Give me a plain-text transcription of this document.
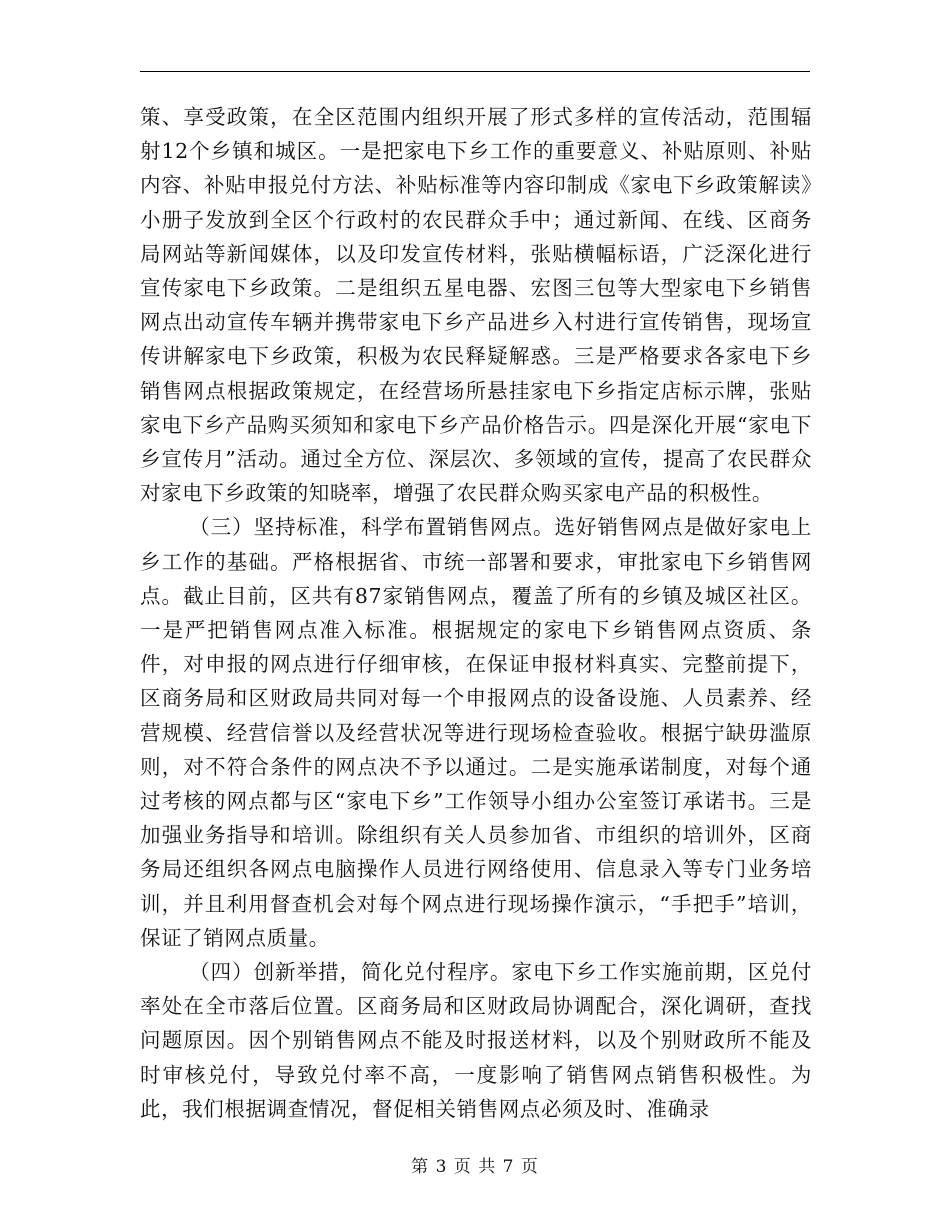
策、享受政策，在全区范围内组织开展了形式多样的宣传活动，范围辐射12个乡镇和城区。一是把家电下乡工作的重要意义、补贴原则、补贴内容、补贴申报兑付方法、补贴标准等内容印制成《家电下乡政策解读》小册子发放到全区个行政村的农民群众手中；通过新闻、在线、区商务局网站等新闻媒体，以及印发宣传材料，张贴横幅标语，广泛深化进行宣传家电下乡政策。二是组织五星电器、宏图三包等大型家电下乡销售网点出动宣传车辆并携带家电下乡产品进乡入村进行宣传销售，现场宣传讲解家电下乡政策，积极为农民释疑解惑。三是严格要求各家电下乡销售网点根据政策规定，在经营场所悬挂家电下乡指定店标示牌，张贴家电下乡产品购买须知和家电下乡产品价格告示。四是深化开展“家电下乡宣传月”活动。通过全方位、深层次、多领域的宣传，提高了农民群众对家电下乡政策的知晓率，增强了农民群众购买家电产品的积极性。

（三）坚持标准，科学布置销售网点。选好销售网点是做好家电上乡工作的基础。严格根据省、市统一部署和要求，审批家电下乡销售网点。截止目前，区共有87家销售网点，覆盖了所有的乡镇及城区社区。一是严把销售网点准入标准。根据规定的家电下乡销售网点资质、条件，对申报的网点进行仔细审核，在保证申报材料真实、完整前提下，区商务局和区财政局共同对每一个申报网点的设备设施、人员素养、经营规模、经营信誉以及经营状况等进行现场检查验收。根据宁缺毋滥原则，对不符合条件的网点决不予以通过。二是实施承诺制度，对每个通过考核的网点都与区“家电下乡”工作领导小组办公室签订承诺书。三是加强业务指导和培训。除组织有关人员参加省、市组织的培训外，区商务局还组织各网点电脑操作人员进行网络使用、信息录入等专门业务培训，并且利用督查机会对每个网点进行现场操作演示，“手把手”培训，保证了销网点质量。

（四）创新举措，简化兑付程序。家电下乡工作实施前期，区兑付率处在全市落后位置。区商务局和区财政局协调配合，深化调研，查找问题原因。因个别销售网点不能及时报送材料，以及个别财政所不能及时审核兑付，导致兑付率不高，一度影响了销售网点销售积极性。为此，我们根据调查情况，督促相关销售网点必须及时、准确录

第 3 页 共 7 页
